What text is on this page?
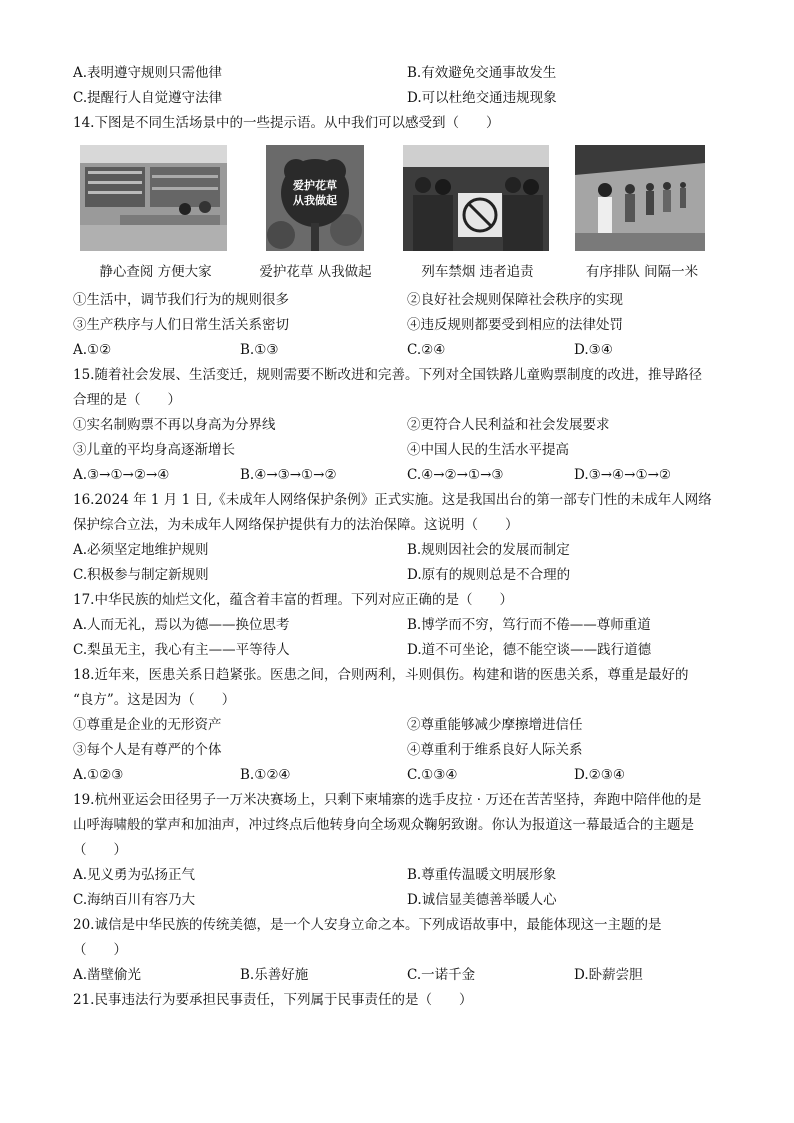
A.表明遵守规则只需他律	B.有效避免交通事故发生
C.提醒行人自觉遵守法律	D.可以杜绝交通违规现象
14.下图是不同生活场景中的一些提示语。从中我们可以感受到（　　）
爱护花草
从我做起
静心查阅 方便大家	爱护花草 从我做起	列车禁烟 违者追责	有序排队 间隔一米
①生活中，调节我们行为的规则很多	②良好社会规则保障社会秩序的实现
③生产秩序与人们日常生活关系密切	④违反规则都要受到相应的法律处罚
A.①②	B.①③	C.②④	D.③④
15.随着社会发展、生活变迁，规则需要不断改进和完善。下列对全国铁路儿童购票制度的改进，推导路径
合理的是（　　）
①实名制购票不再以身高为分界线	②更符合人民利益和社会发展要求
③儿童的平均身高逐渐增长	④中国人民的生活水平提高
A.③→①→②→④	B.④→③→①→②	C.④→②→①→③	D.③→④→①→②
16.2024 年 1 月 1 日,《未成年人网络保护条例》正式实施。这是我国出台的第一部专门性的未成年人网络
保护综合立法，为未成年人网络保护提供有力的法治保障。这说明（　　）
A.必须坚定地维护规则	B.规则因社会的发展而制定
C.积极参与制定新规则	D.原有的规则总是不合理的
17.中华民族的灿烂文化，蕴含着丰富的哲理。下列对应正确的是（　　）
A.人而无礼，焉以为德——换位思考	B.博学而不穷，笃行而不倦——尊师重道
C.梨虽无主，我心有主——平等待人	D.道不可坐论，德不能空谈——践行道德
18.近年来，医患关系日趋紧张。医患之间，合则两利，斗则俱伤。构建和谐的医患关系，尊重是最好的
“良方”。这是因为（　　）
①尊重是企业的无形资产	②尊重能够减少摩擦增进信任
③每个人是有尊严的个体	④尊重利于维系良好人际关系
A.①②③	B.①②④	C.①③④	D.②③④
19.杭州亚运会田径男子一万米决赛场上，只剩下柬埔寨的选手皮拉 · 万还在苦苦坚持，奔跑中陪伴他的是
山呼海啸般的掌声和加油声，冲过终点后他转身向全场观众鞠躬致谢。你认为报道这一幕最适合的主题是
（　　）
A.见义勇为弘扬正气	B.尊重传温暖文明展形象
C.海纳百川有容乃大	D.诚信显美德善举暖人心
20.诚信是中华民族的传统美德，是一个人安身立命之本。下列成语故事中，最能体现这一主题的是
（　　）
A.凿壁偷光	B.乐善好施	C.一诺千金	D.卧薪尝胆
21.民事违法行为要承担民事责任，下列属于民事责任的是（　　）
